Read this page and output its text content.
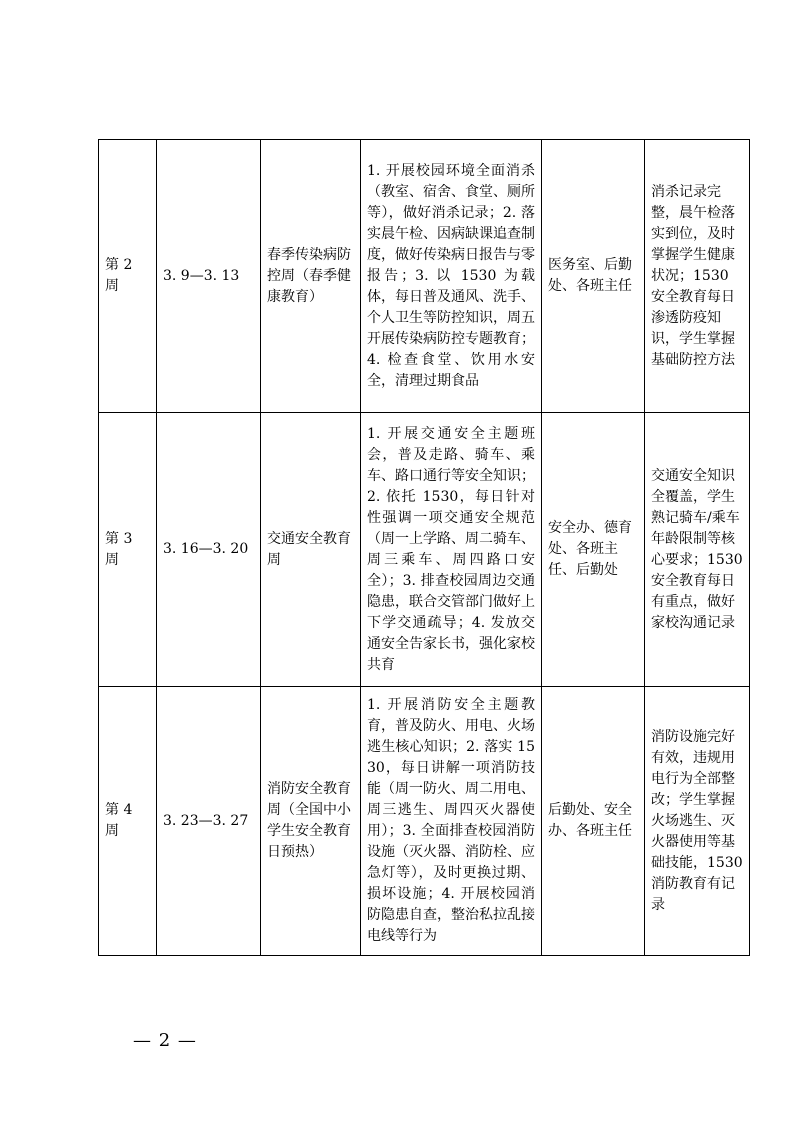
第 2 周	3. 9—3. 13	春季传染病防控周（春季健康教育）	1. 开展校园环境全面消杀（教室、宿舍、食堂、厕所等），做好消杀记录；2. 落实晨午检、因病缺课追查制度，做好传染病日报告与零报告；3. 以 1530 为载体，每日普及通风、洗手、个人卫生等防控知识，周五开展传染病防控专题教育；4. 检查食堂、饮用水安全，清理过期食品	医务室、后勤处、各班主任	消杀记录完整，晨午检落实到位，及时掌握学生健康状况；1530 安全教育每日渗透防疫知识，学生掌握基础防控方法
第 3 周	3. 16—3. 20	交通安全教育周	1. 开展交通安全主题班会，普及走路、骑车、乘车、路口通行等安全知识；2. 依托 1530，每日针对性强调一项交通安全规范（周一上学路、周二骑车、周三乘车、周四路口安全）；3. 排查校园周边交通隐患，联合交管部门做好上下学交通疏导；4. 发放交通安全告家长书，强化家校共育	安全办、德育处、各班主任、后勤处	交通安全知识全覆盖，学生熟记骑车/乘车年龄限制等核心要求；1530 安全教育每日有重点，做好家校沟通记录
第 4 周	3. 23—3. 27	消防安全教育周（全国中小学生安全教育日预热）	1. 开展消防安全主题教育，普及防火、用电、火场逃生核心知识；2. 落实 1530，每日讲解一项消防技能（周一防火、周二用电、周三逃生、周四灭火器使用）；3. 全面排查校园消防设施（灭火器、消防栓、应急灯等），及时更换过期、损坏设施；4. 开展校园消防隐患自查，整治私拉乱接电线等行为	后勤处、安全办、各班主任	消防设施完好有效，违规用电行为全部整改；学生掌握火场逃生、灭火器使用等基础技能，1530 消防教育有记录
— 2 —
